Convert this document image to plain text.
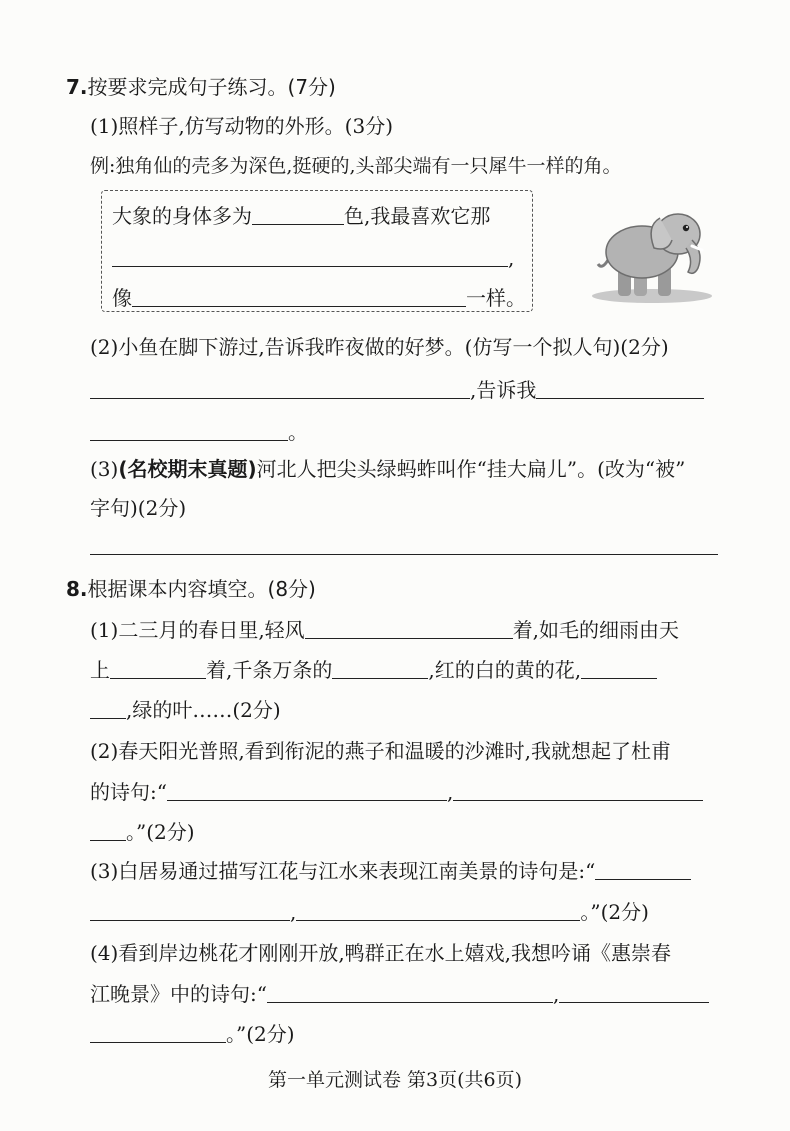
7.按要求完成句子练习。(7分)
(1)照样子,仿写动物的外形。(3分)
例:独角仙的壳多为深色,挺硬的,头部尖端有一只犀牛一样的角。
大象的身体多为	色,我最喜欢它那
,
像	一样。
(2)小鱼在脚下游过,告诉我昨夜做的好梦。(仿写一个拟人句)(2分)
,告诉我
。
(3)(名校期末真题)河北人把尖头绿蚂蚱叫作“挂大扁儿”。(改为“被”
字句)(2分)
8.根据课本内容填空。(8分)
(1)二三月的春日里,轻风	着,如毛的细雨由天
上	着,千条万条的	,红的白的黄的花,
,绿的叶……(2分)
(2)春天阳光普照,看到衔泥的燕子和温暖的沙滩时,我就想起了杜甫
的诗句:“	,
。”(2分)
(3)白居易通过描写江花与江水来表现江南美景的诗句是:“
,	。”(2分)
(4)看到岸边桃花才刚刚开放,鸭群正在水上嬉戏,我想吟诵《惠崇春
江晚景》中的诗句:“	,
。”(2分)
第一单元测试卷 第3页(共6页)
